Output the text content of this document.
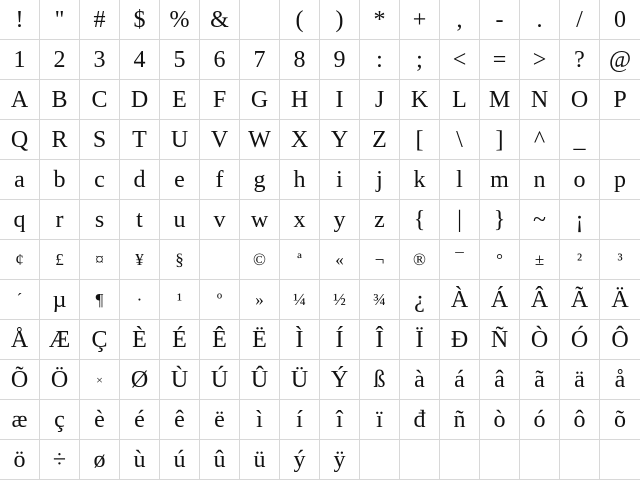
! " # $ % &	( ) * + , - . / 0
1 2 3 4 5 6 7 8 9 : ; < = > ? @
A B C D E F G H I J K L M N O P
Q R S T U V W X Y Z [ \ ] ^ _
a b c d e f g h i j k l m n o p
q r s t u v w x y z { | } ~ ¡
¢ £ ¤ ¥ §	© ª « ¬ ® ¯ ° ± ² ³
´ µ ¶ · ¹ º » ¼ ½ ¾ ¿ À Á Â Ã Ä
Å Æ Ç È É Ê Ë Ì Í Î Ï Ð Ñ Ò Ó Ô
Õ Ö × Ø Ù Ú Û Ü Ý ß à á â ã ä å
æ ç è é ê ë ì í î ï đ ñ ò ó ô õ
ö ÷ ø ù ú û ü ý ÿ
